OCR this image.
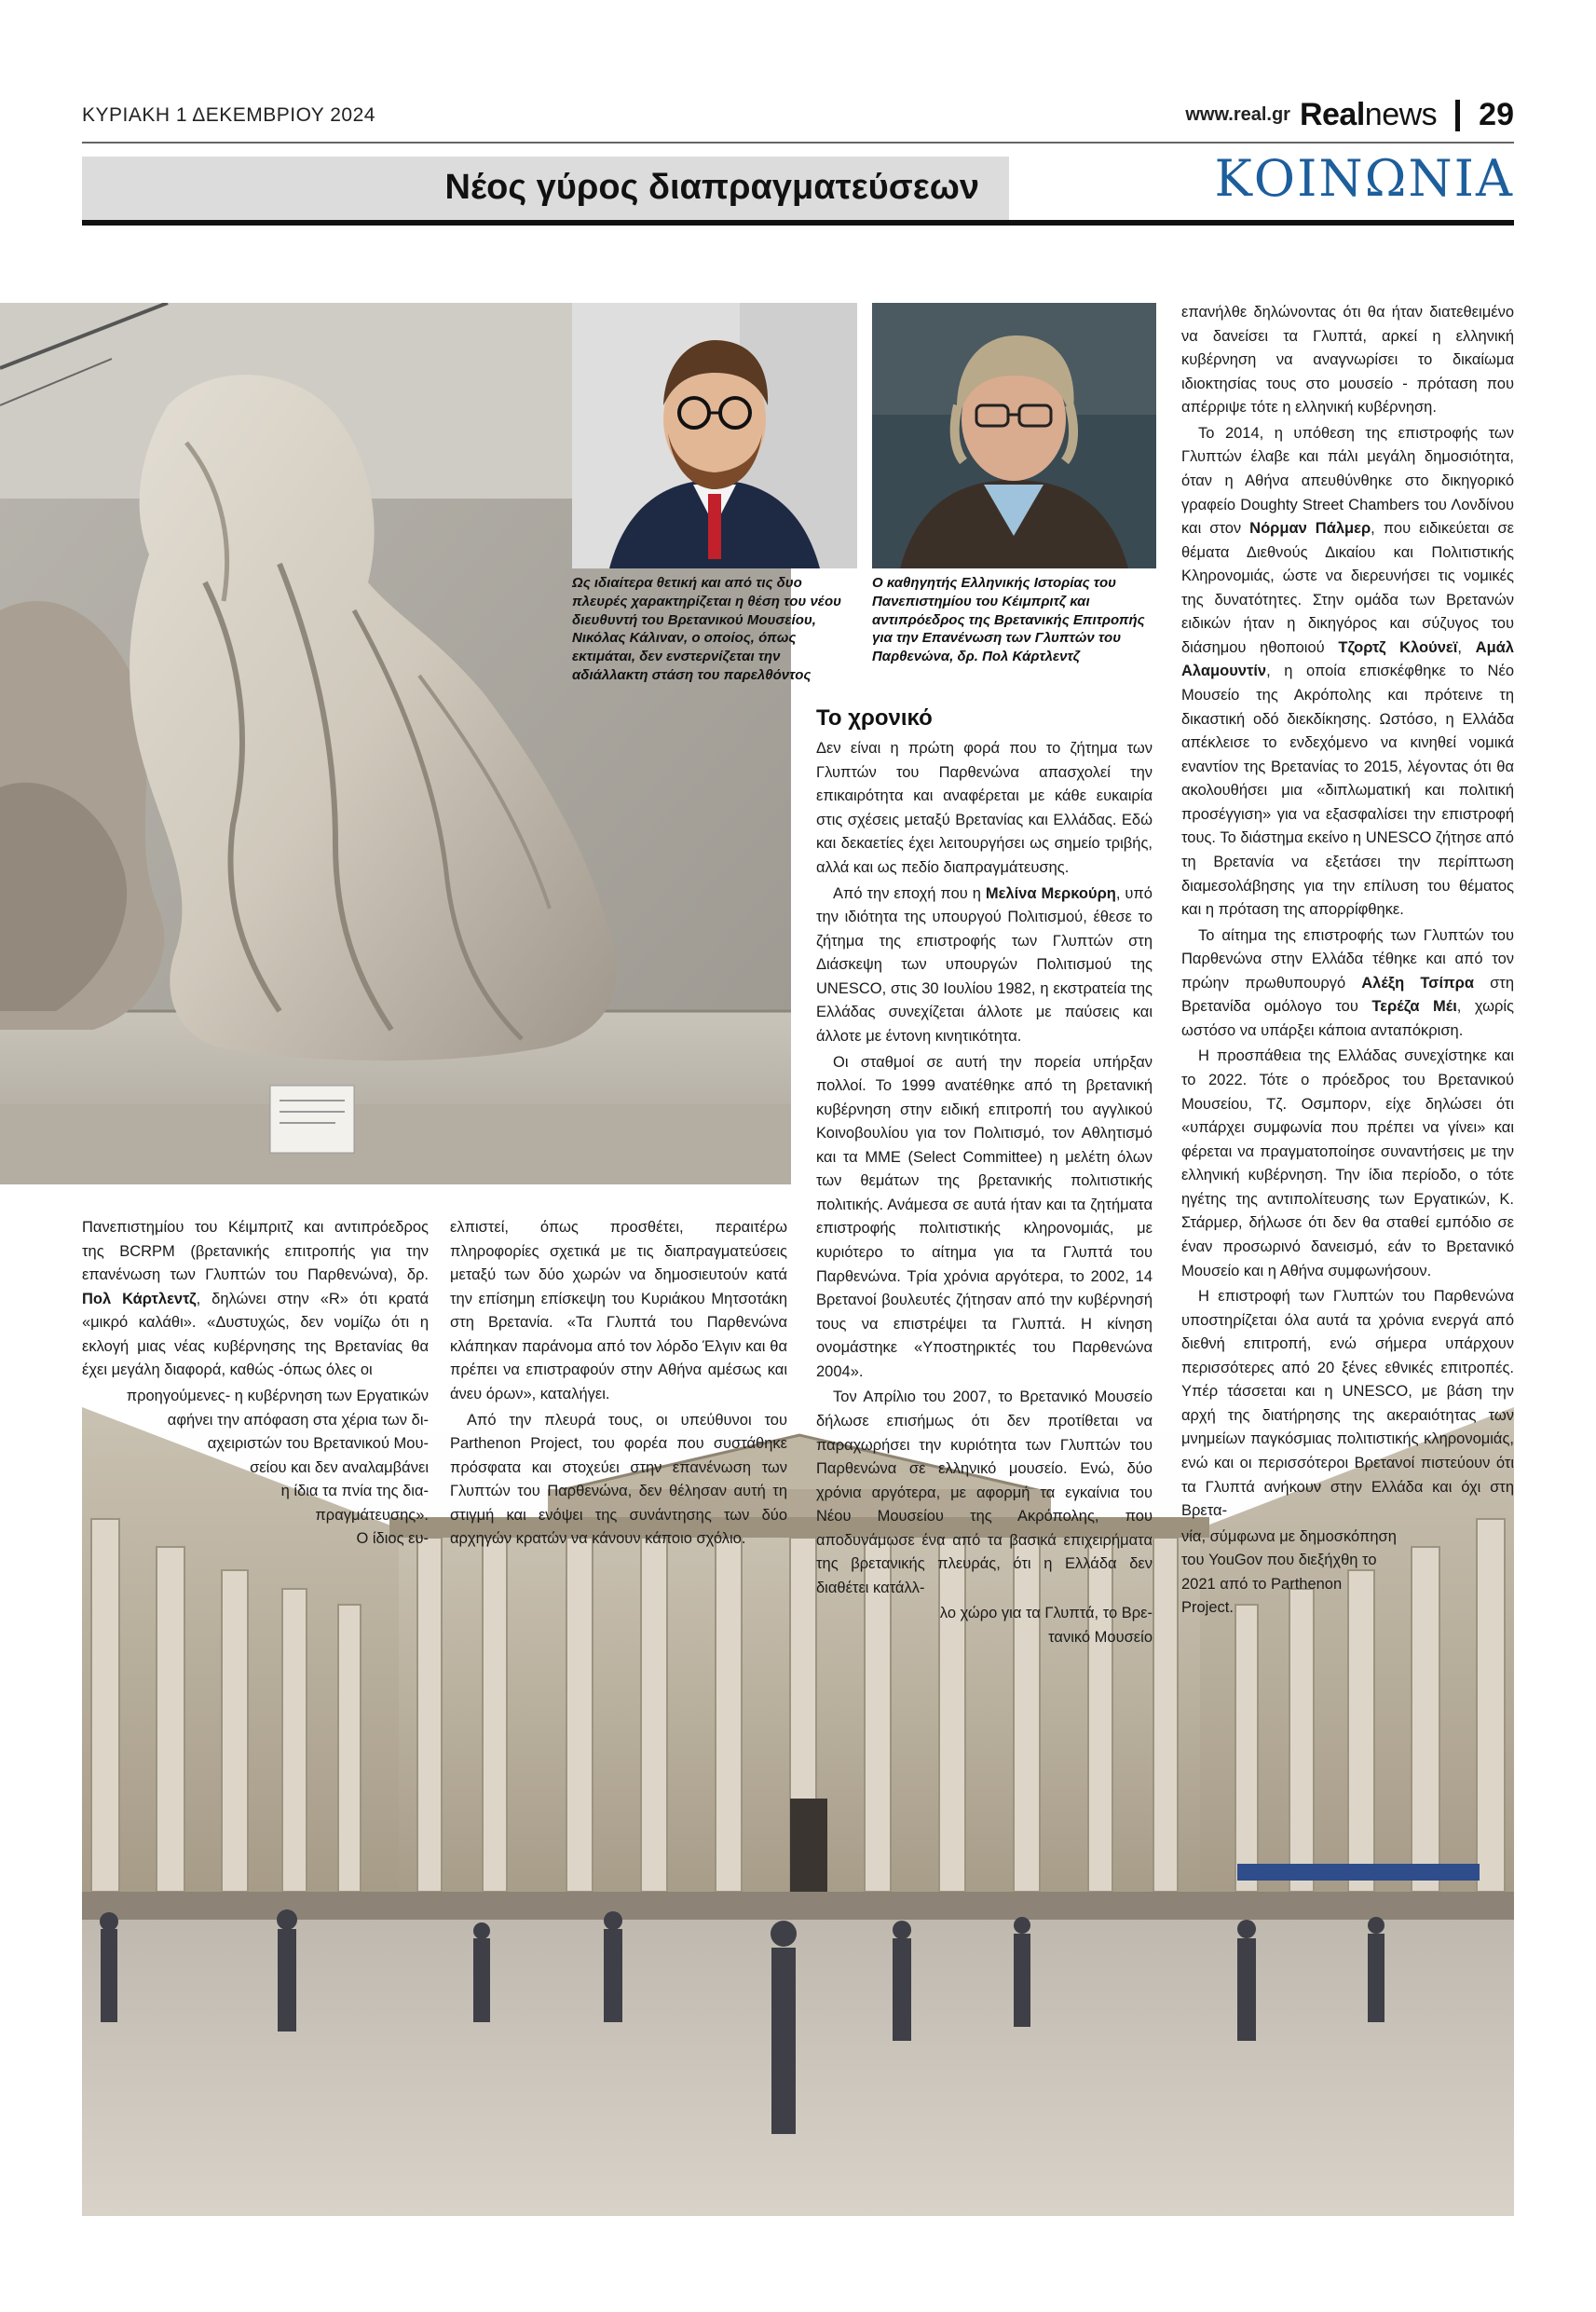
ΚΥΡΙΑΚΗ 1 ΔΕΚΕΜΒΡΙΟΥ 2024	www.real.gr Realnews 29
Νέος γύρος διαπραγματεύσεων	ΚΟΙΝΩΝΙΑ
Ως ιδιαίτερα θετική και από τις δυο πλευρές χαρακτηρίζεται η θέση του νέου διευθυντή του Βρετανικού Μουσείου, Νικόλας Κάλιναν, ο οποίος, όπως εκτιμάται, δεν ενστερνίζεται την αδιάλλακτη στάση του παρελθόντος
Ο καθηγητής Ελληνικής Ιστορίας του Πανεπιστημίου του Κέιμπριτζ και αντιπρόεδρος της Βρετανικής Επιτροπής για την Επανένωση των Γλυπτών του Παρθενώνα, δρ. Πολ Κάρτλεντζ

Πανεπιστημίου του Κέιμπριτζ και αντιπρόεδρος της BCRPM (βρετανικής επιτροπής για την επανένωση των Γλυπτών του Παρθενώνα), δρ. Πολ Κάρτλεντζ, δηλώνει στην «R» ότι κρατά «μικρό καλάθι». «Δυστυχώς, δεν νομίζω ότι η εκλογή μιας νέας κυβέρνησης της Βρετανίας θα έχει μεγάλη διαφορά, καθώς -όπως όλες οι

προηγούμενες- η κυβέρνηση των Εργατικών
αφήνει την απόφαση στα χέρια των δι-
αχειριστών του Βρετανικού Μου-
σείου και δεν αναλαμβάνει
η ίδια τα πνία της δια-
πραγμάτευσης».
Ο ίδιος ευ-

ελπιστεί, όπως προσθέτει, περαιτέρω πληροφορίες σχετικά με τις διαπραγματεύσεις μεταξύ των δύο χωρών να δημοσιευτούν κατά την επίσημη επίσκεψη του Κυριάκου Μητσοτάκη στη Βρετανία. «Τα Γλυπτά του Παρθενώνα κλάπηκαν παράνομα από τον λόρδο Έλγιν και θα πρέπει να επιστραφούν στην Αθήνα αμέσως και άνευ όρων», καταλήγει.

Από την πλευρά τους, οι υπεύθυνοι του Parthenon Project, του φορέα που συστάθηκε πρόσφατα και στοχεύει στην επανένωση των Γλυπτών του Παρθενώνα, δεν θέλησαν αυτή τη στιγμή και ενόψει της συνάντησης των δύο αρχηγών κρατών να κάνουν κάποιο σχόλιο.

Το χρονικό

Δεν είναι η πρώτη φορά που το ζήτημα των Γλυπτών του Παρθενώνα απασχολεί την επικαιρότητα και αναφέρεται με κάθε ευκαιρία στις σχέσεις μεταξύ Βρετανίας και Ελλάδας. Εδώ και δεκαετίες έχει λειτουργήσει ως σημείο τριβής, αλλά και ως πεδίο διαπραγμάτευσης.

Από την εποχή που η Μελίνα Μερκούρη, υπό την ιδιότητα της υπουργού Πολιτισμού, έθεσε το ζήτημα της επιστροφής των Γλυπτών στη Διάσκεψη των υπουργών Πολιτισμού της UNESCO, στις 30 Ιουλίου 1982, η εκστρατεία της Ελλάδας συνεχίζεται άλλοτε με παύσεις και άλλοτε με έντονη κινητικότητα.

Οι σταθμοί σε αυτή την πορεία υπήρξαν πολλοί. Το 1999 ανατέθηκε από τη βρετανική κυβέρνηση στην ειδική επιτροπή του αγγλικού Κοινοβουλίου για τον Πολιτισμό, τον Αθλητισμό και τα ΜΜΕ (Select Committee) η μελέτη όλων των θεμάτων της βρετανικής πολιτιστικής πολιτικής. Ανάμεσα σε αυτά ήταν και τα ζητήματα επιστροφής πολιτιστικής κληρονομιάς, με κυριότερο το αίτημα για τα Γλυπτά του Παρθενώνα. Τρία χρόνια αργότερα, το 2002, 14 Βρετανοί βουλευτές ζήτησαν από την κυβέρνησή τους να επιστρέψει τα Γλυπτά. Η κίνηση ονομάστηκε «Υποστηρικτές του Παρθενώνα 2004».

Τον Απρίλιο του 2007, το Βρετανικό Μουσείο δήλωσε επισήμως ότι δεν προτίθεται να παραχωρήσει την κυριότητα των Γλυπτών του Παρθενώνα σε ελληνικό μουσείο. Ενώ, δύο χρόνια αργότερα, με αφορμή τα εγκαίνια του Νέου Μουσείου της Ακρόπολης, που αποδυνάμωσε ένα από τα βασικά επιχειρήματα της βρετανικής πλευράς, ότι η Ελλάδα δεν διαθέτει κατάλλ-

λο χώρο για τα Γλυπτά, το Βρε-
τανικό Μουσείο

επανήλθε δηλώνοντας ότι θα ήταν διατεθειμένο να δανείσει τα Γλυπτά, αρκεί η ελληνική κυβέρνηση να αναγνωρίσει το δικαίωμα ιδιοκτησίας τους στο μουσείο - πρόταση που απέρριψε τότε η ελληνική κυβέρνηση.

Το 2014, η υπόθεση της επιστροφής των Γλυπτών έλαβε και πάλι μεγάλη δημοσιότητα, όταν η Αθήνα απευθύνθηκε στο δικηγορικό γραφείο Doughty Street Chambers του Λονδίνου και στον Νόρμαν Πάλμερ, που ειδικεύεται σε θέματα Διεθνούς Δικαίου και Πολιτιστικής Κληρονομιάς, ώστε να διερευνήσει τις νομικές της δυνατότητες. Στην ομάδα των Βρετανών ειδικών ήταν η δικηγόρος και σύζυγος του διάσημου ηθοποιού Τζορτζ Κλούνεϊ, Αμάλ Αλαμουντίν, η οποία επισκέφθηκε το Νέο Μουσείο της Ακρόπολης και πρότεινε τη δικαστική οδό διεκδίκησης. Ωστόσο, η Ελλάδα απέκλεισε το ενδεχόμενο να κινηθεί νομικά εναντίον της Βρετανίας το 2015, λέγοντας ότι θα ακολουθήσει μια «διπλωματική και πολιτική προσέγγιση» για να εξασφαλίσει την επιστροφή τους. Το διάστημα εκείνο η UNESCO ζήτησε από τη Βρετανία να εξετάσει την περίπτωση διαμεσολάβησης για την επίλυση του θέματος και η πρόταση της απορρίφθηκε.

Το αίτημα της επιστροφής των Γλυπτών του Παρθενώνα στην Ελλάδα τέθηκε και από τον πρώην πρωθυπουργό Αλέξη Τσίπρα στη Βρετανίδα ομόλογο του Τερέζα Μέι, χωρίς ωστόσο να υπάρξει κάποια ανταπόκριση.

Η προσπάθεια της Ελλάδας συνεχίστηκε και το 2022. Τότε ο πρόεδρος του Βρετανικού Μουσείου, Τζ. Οσμπορν, είχε δηλώσει ότι «υπάρχει συμφωνία που πρέπει να γίνει» και φέρεται να πραγματοποίησε συναντήσεις με την ελληνική κυβέρνηση. Την ίδια περίοδο, ο τότε ηγέτης της αντιπολίτευσης των Εργατικών, Κ. Στάρμερ, δήλωσε ότι δεν θα σταθεί εμπόδιο σε έναν προσωρινό δανεισμό, εάν το Βρετανικό Μουσείο και η Αθήνα συμφωνήσουν.

Η επιστροφή των Γλυπτών του Παρθενώνα υποστηρίζεται όλα αυτά τα χρόνια ενεργά από διεθνή επιτροπή, ενώ σήμερα υπάρχουν περισσότερες από 20 ξένες εθνικές επιτροπές. Υπέρ τάσσεται και η UNESCO, με βάση την αρχή της διατήρησης της ακεραιότητας των μνημείων παγκόσμιας πολιτιστικής κληρονομιάς, ενώ και οι περισσότεροι Βρετανοί πιστεύουν ότι τα Γλυπτά ανήκουν στην Ελλάδα και όχι στη Βρετα-

νία, σύμφωνα με δημοσκόπηση
του YouGov που διεξήχθη το
2021 από το Parthenon
Project.
